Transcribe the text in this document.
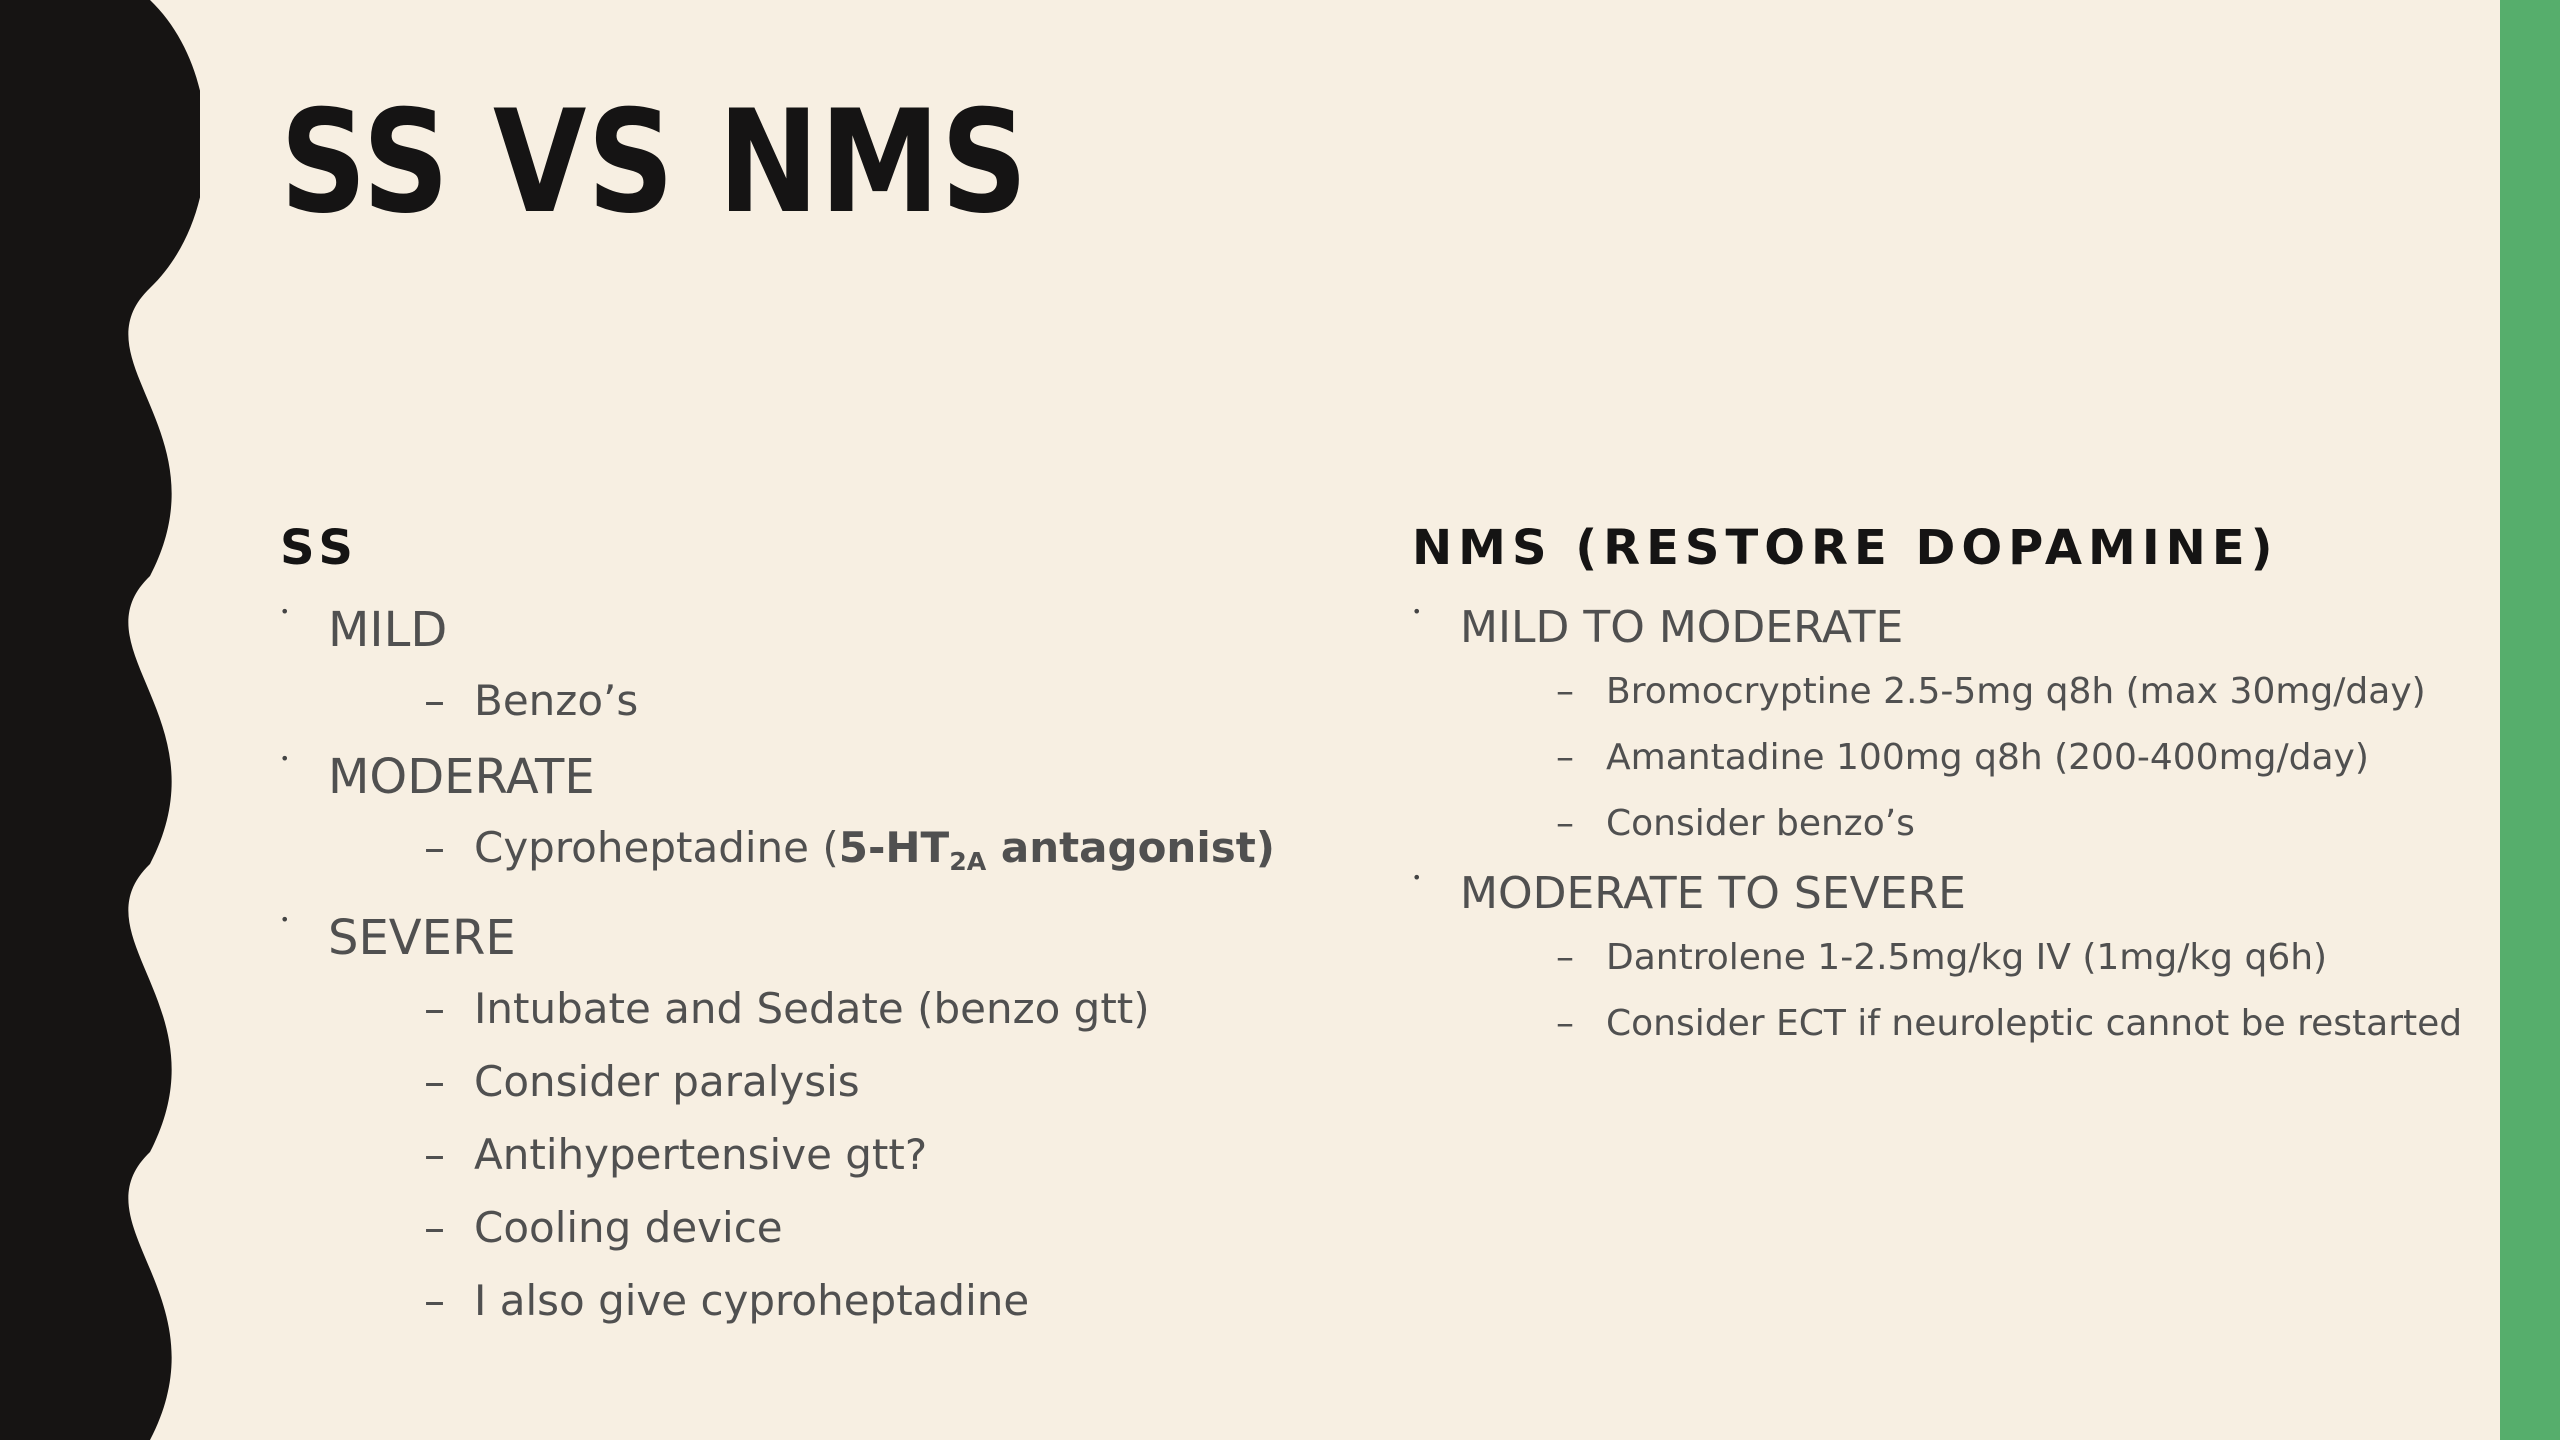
SS VS NMS
SS
• MILD
– Benzo’s
• MODERATE
– Cyproheptadine ($5-HT_{2A}$ antagonist)
• SEVERE
– Intubate and Sedate (benzo gtt)
– Consider paralysis
– Antihypertensive gtt?
– Cooling device
– I also give cyproheptadine
NMS (RESTORE DOPAMINE)
• MILD TO MODERATE
– Bromocryptine 2.5-5mg q8h (max 30mg/day)
– Amantadine 100mg q8h (200-400mg/day)
– Consider benzo’s
• MODERATE TO SEVERE
– Dantrolene 1-2.5mg/kg IV (1mg/kg q6h)
– Consider ECT if neuroleptic cannot be restarted
